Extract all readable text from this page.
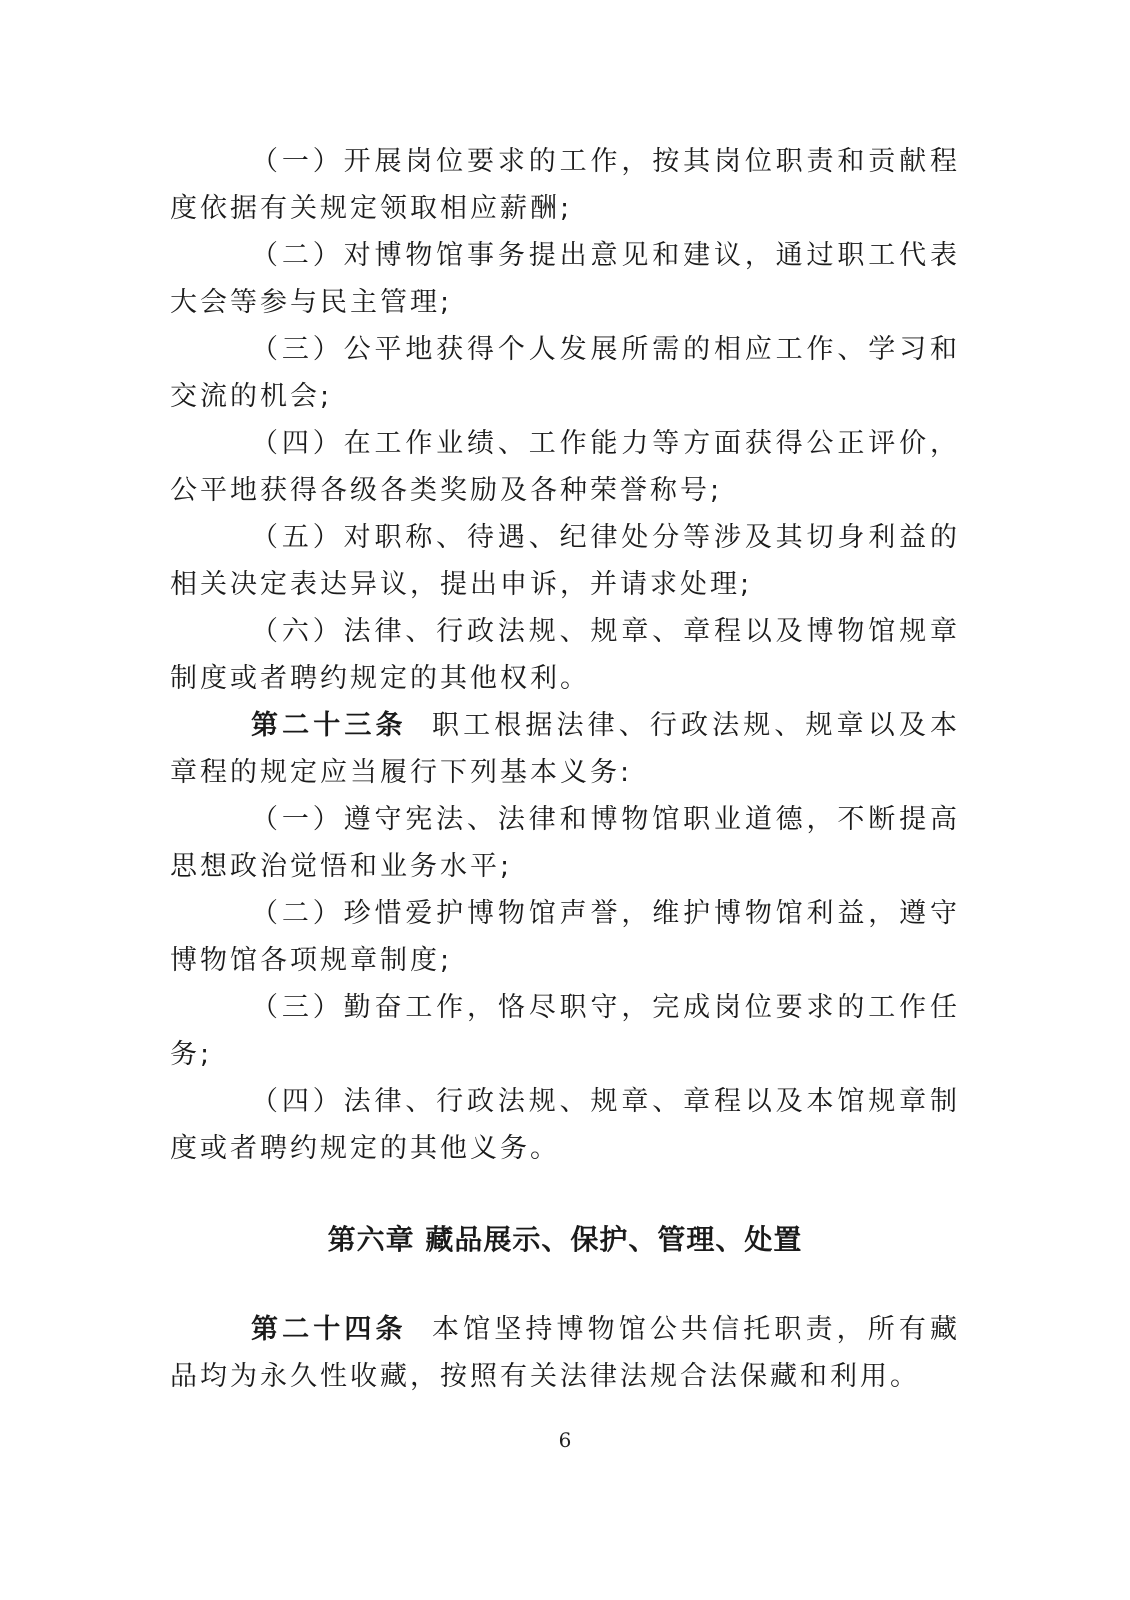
（一）开展岗位要求的工作，按其岗位职责和贡献程度依据有关规定领取相应薪酬;

（二）对博物馆事务提出意见和建议，通过职工代表大会等参与民主管理;

（三）公平地获得个人发展所需的相应工作、学习和交流的机会;

（四）在工作业绩、工作能力等方面获得公正评价，公平地获得各级各类奖励及各种荣誉称号;

（五）对职称、待遇、纪律处分等涉及其切身利益的相关决定表达异议，提出申诉，并请求处理;

（六）法律、行政法规、规章、章程以及博物馆规章制度或者聘约规定的其他权利。

第二十三条 职工根据法律、行政法规、规章以及本章程的规定应当履行下列基本义务:

（一）遵守宪法、法律和博物馆职业道德，不断提高思想政治觉悟和业务水平;

（二）珍惜爱护博物馆声誉，维护博物馆利益，遵守博物馆各项规章制度;

（三）勤奋工作，恪尽职守，完成岗位要求的工作任务;

（四）法律、行政法规、规章、章程以及本馆规章制度或者聘约规定的其他义务。

第六章 藏品展示、保护、管理、处置

第二十四条 本馆坚持博物馆公共信托职责，所有藏品均为永久性收藏，按照有关法律法规合法保藏和利用。

6
